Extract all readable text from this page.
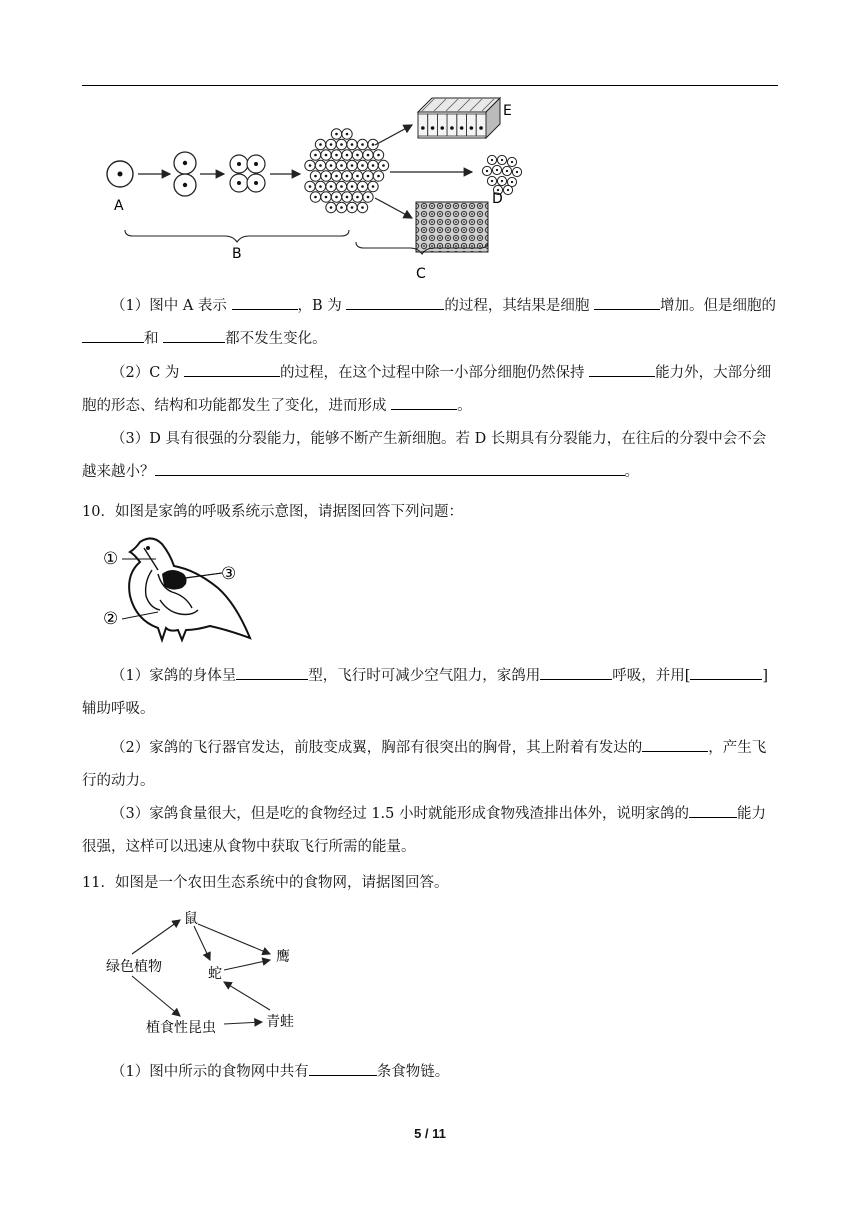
A
B
C
D
E
（1）图中 A 表示	，B 为	的过程，其结果是细胞	增加。但是细胞的 和	都不发生变化。
（2）C 为	的过程，在这个过程中除一小部分细胞仍然保持	能力外，大部分细胞的形态、结构和功能都发生了变化，进而形成	。
（3）D 具有很强的分裂能力，能够不断产生新细胞。若 D 长期具有分裂能力，在往后的分裂中会不会越来越小？	。
10．如图是家鸽的呼吸系统示意图，请据图回答下列问题：
①
③
②
（1）家鸽的身体呈	型，飞行时可减少空气阻力，家鸽用	呼吸，并用[	]辅助呼吸。
（2）家鸽的飞行器官发达，前肢变成翼，胸部有很突出的胸骨，其上附着有发达的	，产生飞行的动力。
（3）家鸽食量很大，但是吃的食物经过 1.5 小时就能形成食物残渣排出体外，说明家鸽的	能力很强，这样可以迅速从食物中获取飞行所需的能量。
11．如图是一个农田生态系统中的食物网，请据图回答。
绿色植物
鼠
蛇
鹰
植食性昆虫	青蛙
（1）图中所示的食物网中共有	条食物链。
5 / 11
